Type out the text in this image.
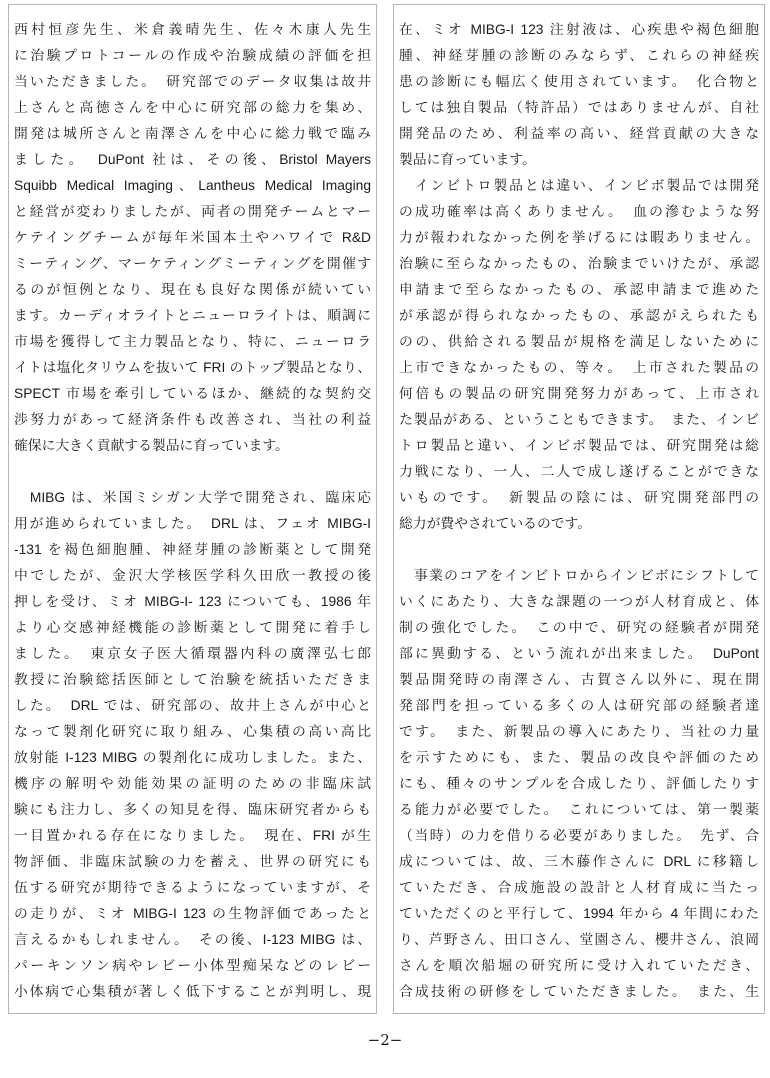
西村恒彦先生、米倉義晴先生、佐々木康人先生
に治験プロトコールの作成や治験成績の評価を担
当いただきました。　研究部でのデータ収集は故井
上さんと高徳さんを中心に研究部の総力を集め、
開発は城所さんと南澤さんを中心に総力戦で臨み
ました。　DuPont 社は、その後、Bristol Mayers
Squibb Medical Imaging、Lantheus Medical Imaging
と経営が変わりましたが、両者の開発チームとマー
ケテイングチームが毎年米国本土やハワイで R&D
ミーティング、マーケティングミーティングを開催す
るのが恒例となり、現在も良好な関係が続いてい
ます。カーディオライトとニューロライトは、順調に
市場を獲得して主力製品となり、特に、ニューロラ
イトは塩化タリウムを抜いて FRI のトップ製品となり、
SPECT 市場を牽引しているほか、継続的な契約交
渉努力があって経済条件も改善され、当社の利益
確保に大きく貢献する製品に育っています。

　MIBG は、米国ミシガン大学で開発され、臨床応
用が進められていました。　DRL は、フェオ MIBG-I
-131 を褐色細胞腫、神経芽腫の診断薬として開発
中でしたが、金沢大学核医学科久田欣一教授の後
押しを受け、ミオ MIBG-I- 123 についても、1986 年
より心交感神経機能の診断薬として開発に着手し
ました。　東京女子医大循環器内科の廣澤弘七郎
教授に治験総括医師として治験を統括いただきま
した。　DRL では、研究部の、故井上さんが中心と
なって製剤化研究に取り組み、心集積の高い高比
放射能 I-123 MIBG の製剤化に成功しました。また、
機序の解明や効能効果の証明のための非臨床試
験にも注力し、多くの知見を得、臨床研究者からも
一目置かれる存在になりました。　現在、FRI が生
物評価、非臨床試験の力を蓄え、世界の研究にも
伍する研究が期待できるようになっていますが、そ
の走りが、ミオ MIBG-I 123 の生物評価であったと
言えるかもしれません。　その後、I-123 MIBG は、
パーキンソン病やレビー小体型痴呆などのレビー
小体病で心集積が著しく低下することが判明し、現
在、ミオ MIBG-I 123 注射液は、心疾患や褐色細胞
腫、神経芽腫の診断のみならず、これらの神経疾
患の診断にも幅広く使用されています。　化合物と
しては独自製品（特許品）ではありませんが、自社
開発品のため、利益率の高い、経営貢献の大きな
製品に育っています。
　インビトロ製品とは違い、インビボ製品では開発
の成功確率は高くありません。　血の滲むような努
力が報われなかった例を挙げるには暇ありません。
治験に至らなかったもの、治験までいけたが、承認
申請まで至らなかったもの、承認申請まで進めた
が承認が得られなかったもの、承認がえられたも
のの、供給される製品が規格を満足しないために
上市できなかったもの、等々。　上市された製品の
何倍もの製品の研究開発努力があって、上市され
た製品がある、ということもできます。　また、インビ
トロ製品と違い、インビボ製品では、研究開発は総
力戦になり、一人、二人で成し遂げることができな
いものです。　新製品の陰には、研究開発部門の
総力が費やされているのです。

　事業のコアをインビトロからインビボにシフトして
いくにあたり、大きな課題の一つが人材育成と、体
制の強化でした。　この中で、研究の経験者が開発
部に異動する、という流れが出来ました。　DuPont
製品開発時の南澤さん、古賀さん以外に、現在開
発部門を担っている多くの人は研究部の経験者達
です。　また、新製品の導入にあたり、当社の力量
を示すためにも、また、製品の改良や評価のため
にも、種々のサンプルを合成したり、評価したりす
る能力が必要でした。　これについては、第一製薬
（当時）の力を借りる必要がありました。　先ず、合
成については、故、三木藤作さんに DRL に移籍し
ていただき、合成施設の設計と人材育成に当たっ
ていただくのと平行して、1994 年から 4 年間にわた
り、芦野さん、田口さん、堂園さん、櫻井さん、浪岡
さんを順次船堀の研究所に受け入れていただき、
合成技術の研修をしていただきました。　また、生
−2−
